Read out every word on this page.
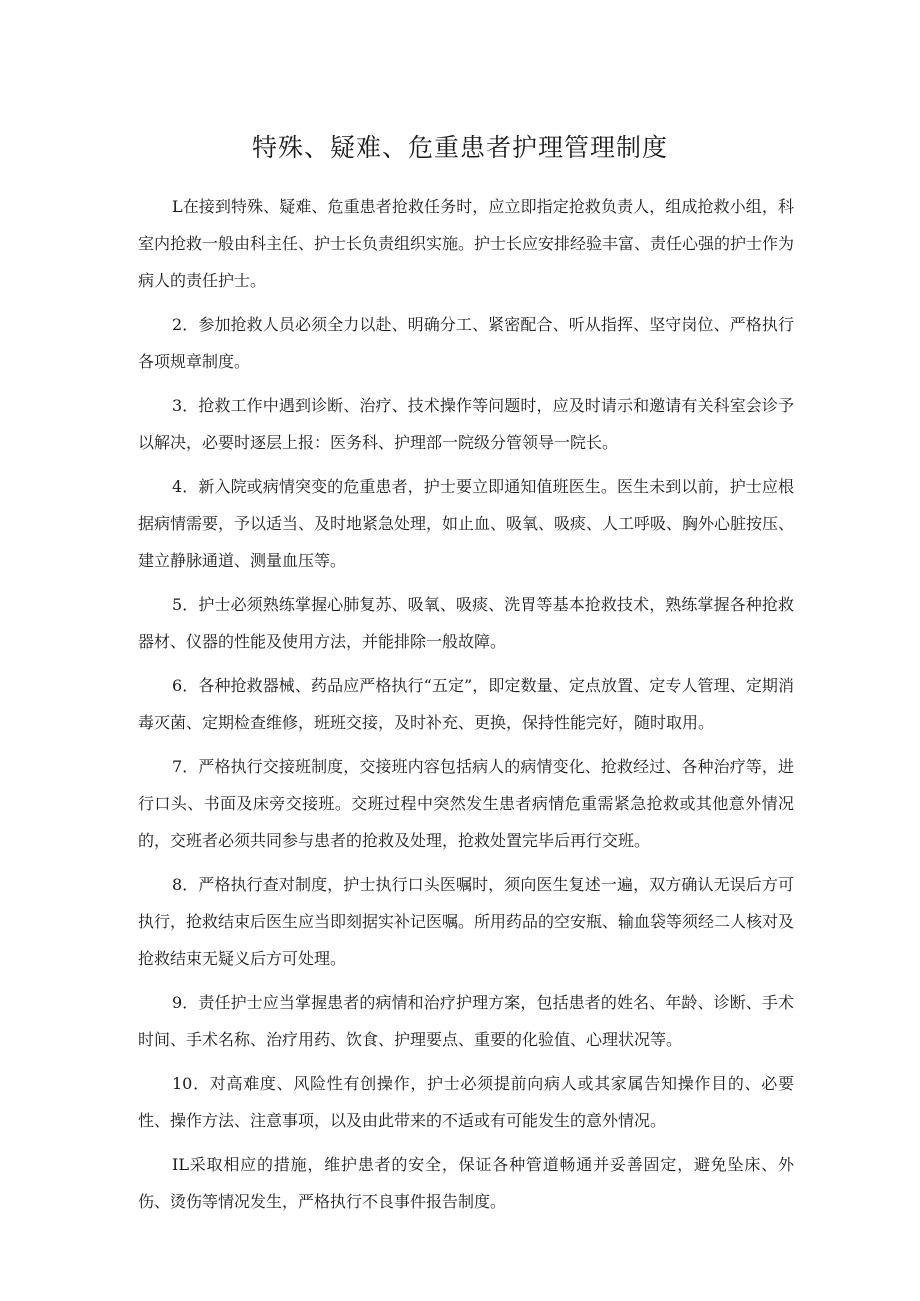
特殊、疑难、危重患者护理管理制度

L在接到特殊、疑难、危重患者抢救任务时，应立即指定抢救负责人，组成抢救小组，科室内抢救一般由科主任、护士长负责组织实施。护士长应安排经验丰富、责任心强的护士作为病人的责任护士。

2．参加抢救人员必须全力以赴、明确分工、紧密配合、听从指挥、坚守岗位、严格执行各项规章制度。

3．抢救工作中遇到诊断、治疗、技术操作等问题时，应及时请示和邀请有关科室会诊予以解决，必要时逐层上报：医务科、护理部一院级分管领导一院长。

4．新入院或病情突变的危重患者，护士要立即通知值班医生。医生未到以前，护士应根据病情需要，予以适当、及时地紧急处理，如止血、吸氧、吸痰、人工呼吸、胸外心脏按压、建立静脉通道、测量血压等。

5．护士必须熟练掌握心肺复苏、吸氧、吸痰、洗胃等基本抢救技术，熟练掌握各种抢救器材、仪器的性能及使用方法，并能排除一般故障。

6．各种抢救器械、药品应严格执行“五定”，即定数量、定点放置、定专人管理、定期消毒灭菌、定期检查维修，班班交接，及时补充、更换，保持性能完好，随时取用。

7．严格执行交接班制度，交接班内容包括病人的病情变化、抢救经过、各种治疗等，进行口头、书面及床旁交接班。交班过程中突然发生患者病情危重需紧急抢救或其他意外情况的，交班者必须共同参与患者的抢救及处理，抢救处置完毕后再行交班。

8．严格执行查对制度，护士执行口头医嘱时，须向医生复述一遍，双方确认无误后方可执行，抢救结束后医生应当即刻据实补记医嘱。所用药品的空安瓶、输血袋等须经二人核对及抢救结束无疑义后方可处理。

9．责任护士应当掌握患者的病情和治疗护理方案，包括患者的姓名、年龄、诊断、手术时间、手术名称、治疗用药、饮食、护理要点、重要的化验值、心理状况等。

10．对高难度、风险性有创操作，护士必须提前向病人或其家属告知操作目的、必要性、操作方法、注意事项，以及由此带来的不适或有可能发生的意外情况。

IL采取相应的措施，维护患者的安全，保证各种管道畅通并妥善固定，避免坠床、外伤、烫伤等情况发生，严格执行不良事件报告制度。
